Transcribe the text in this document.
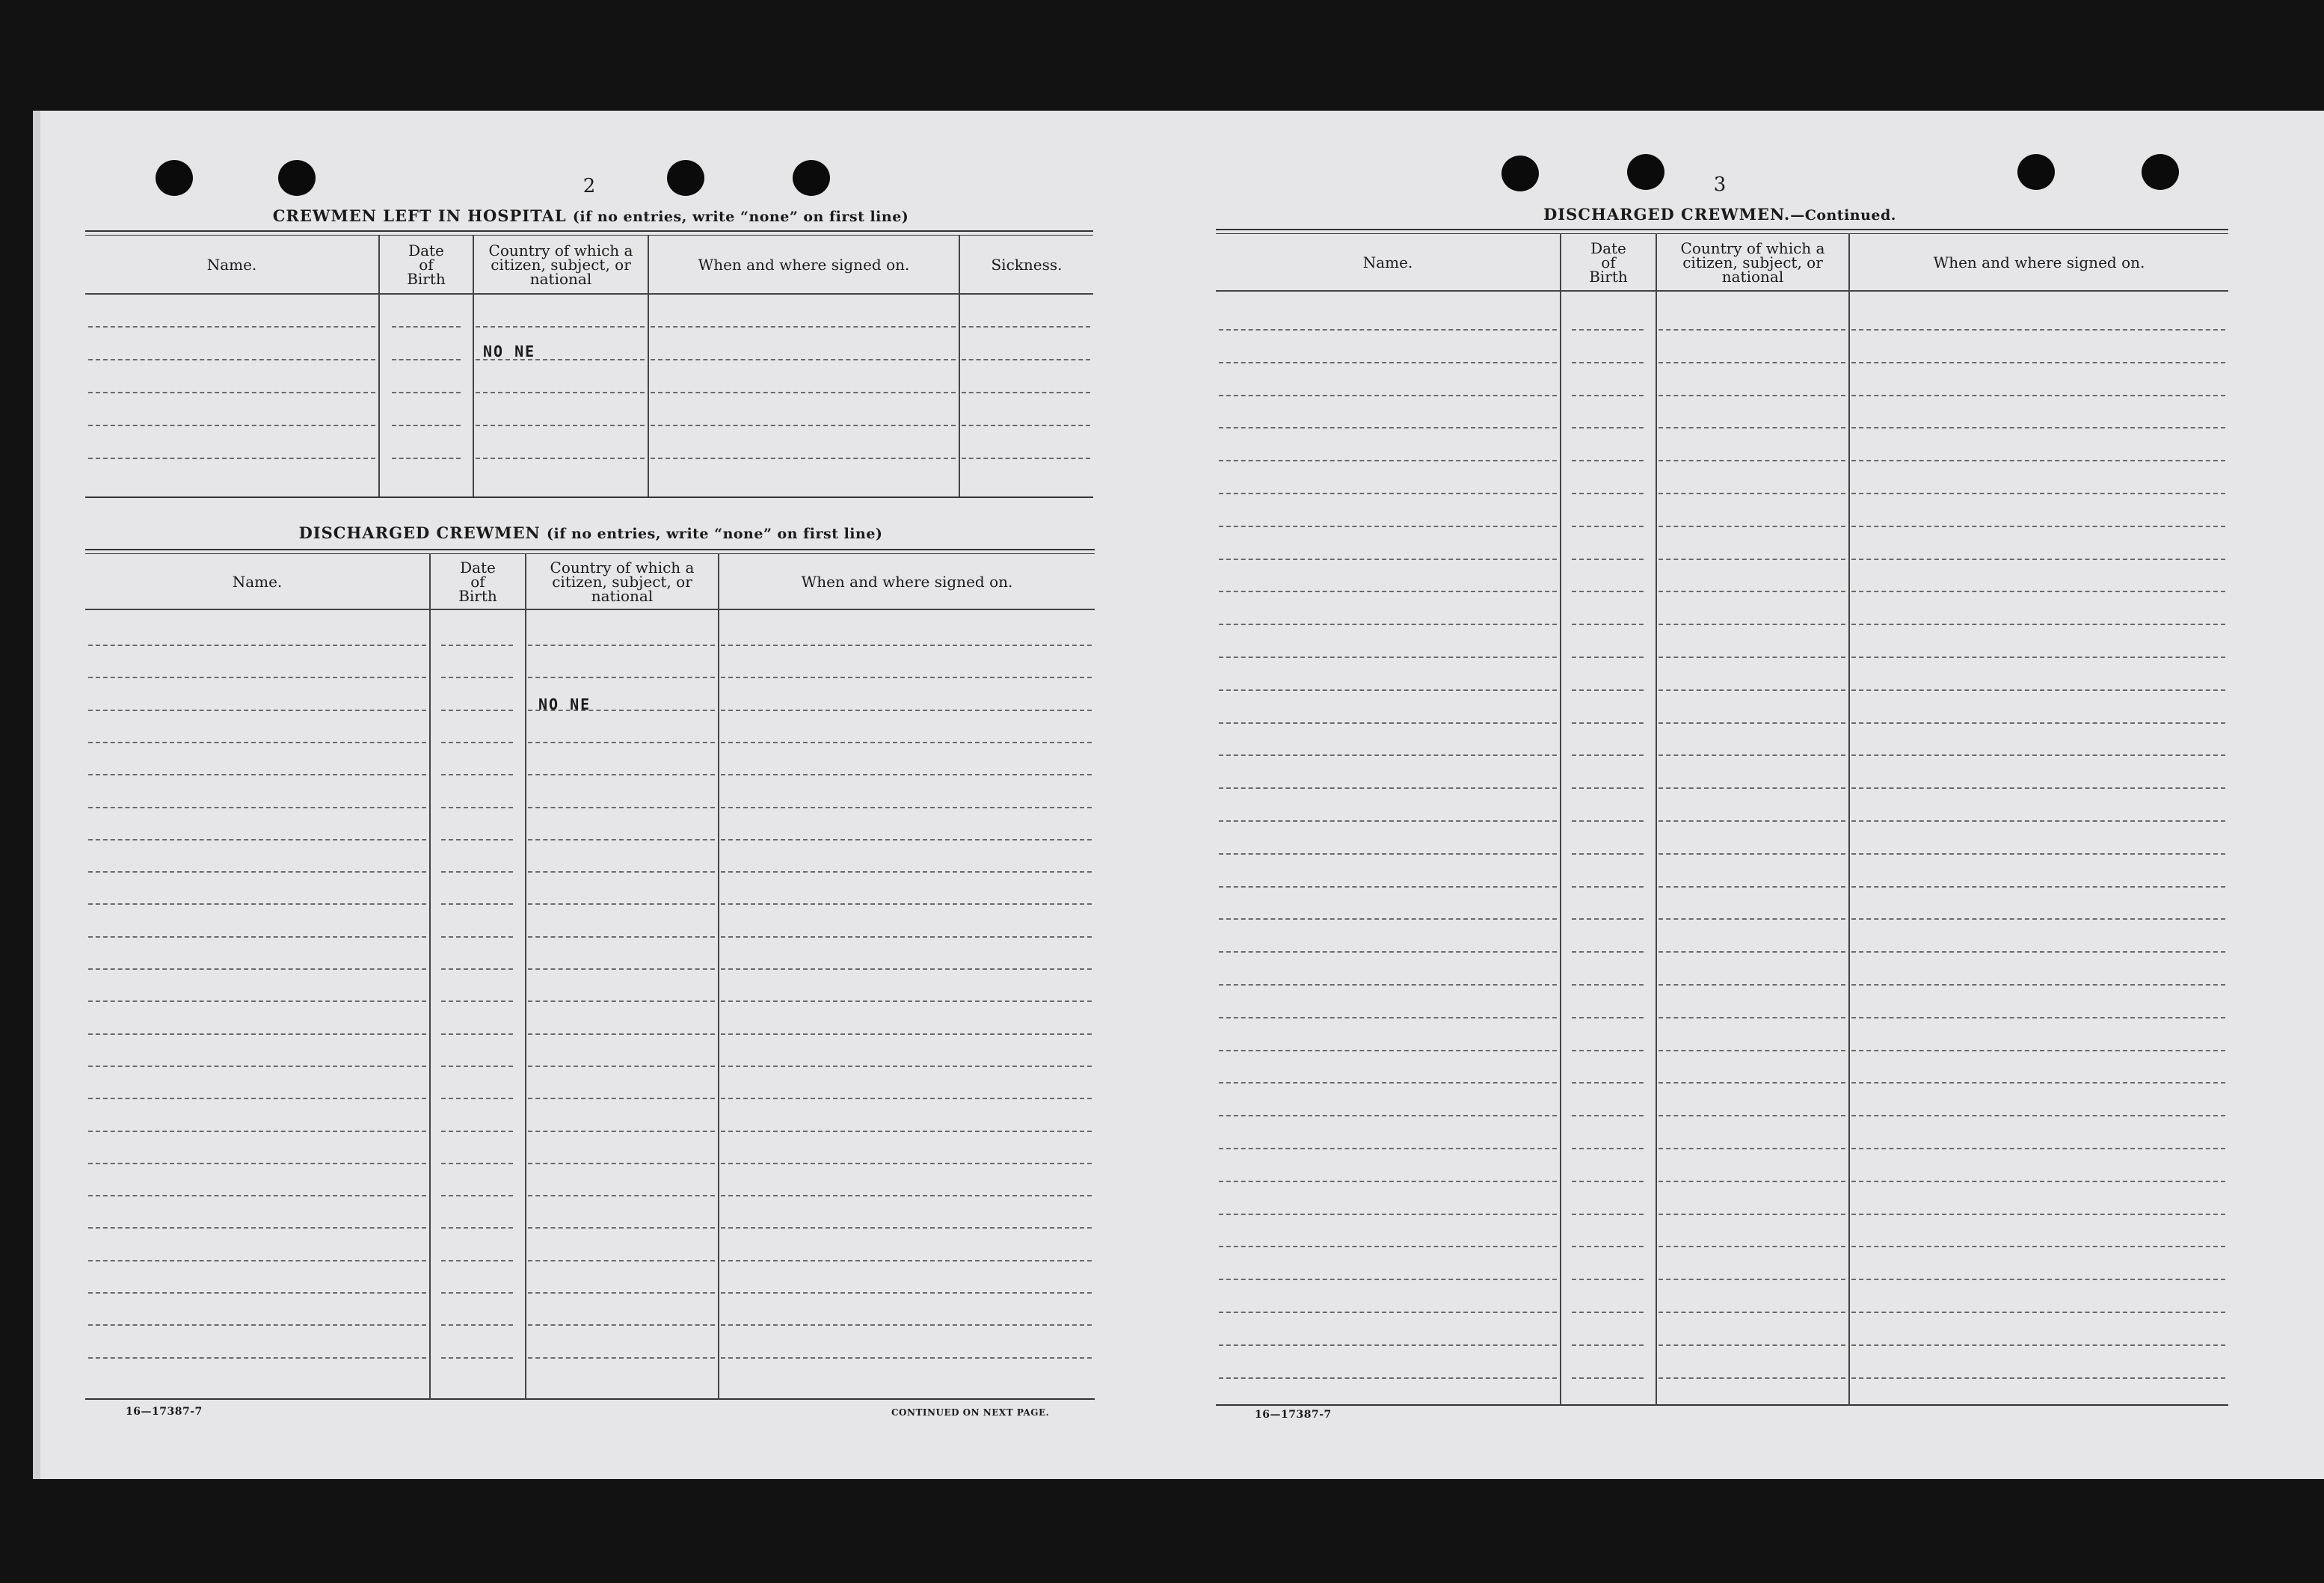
2
CREWMEN LEFT IN HOSPITAL (if no entries, write “none” on first line)
Name.
Date
of
Birth
Country of which a
citizen, subject, or
national
When and where signed on.	Sickness.
NO NE
DISCHARGED CREWMEN (if no entries, write “none” on first line)
Name.
Date
of
Birth
Country of which a
citizen, subject, or
national
When and where signed on.
NO NE
16—17387-7	CONTINUED ON NEXT PAGE.
3
DISCHARGED CREWMEN.—Continued.
Name.
Date
of
Birth
Country of which a
citizen, subject, or
national
When and where signed on.
16—17387-7
